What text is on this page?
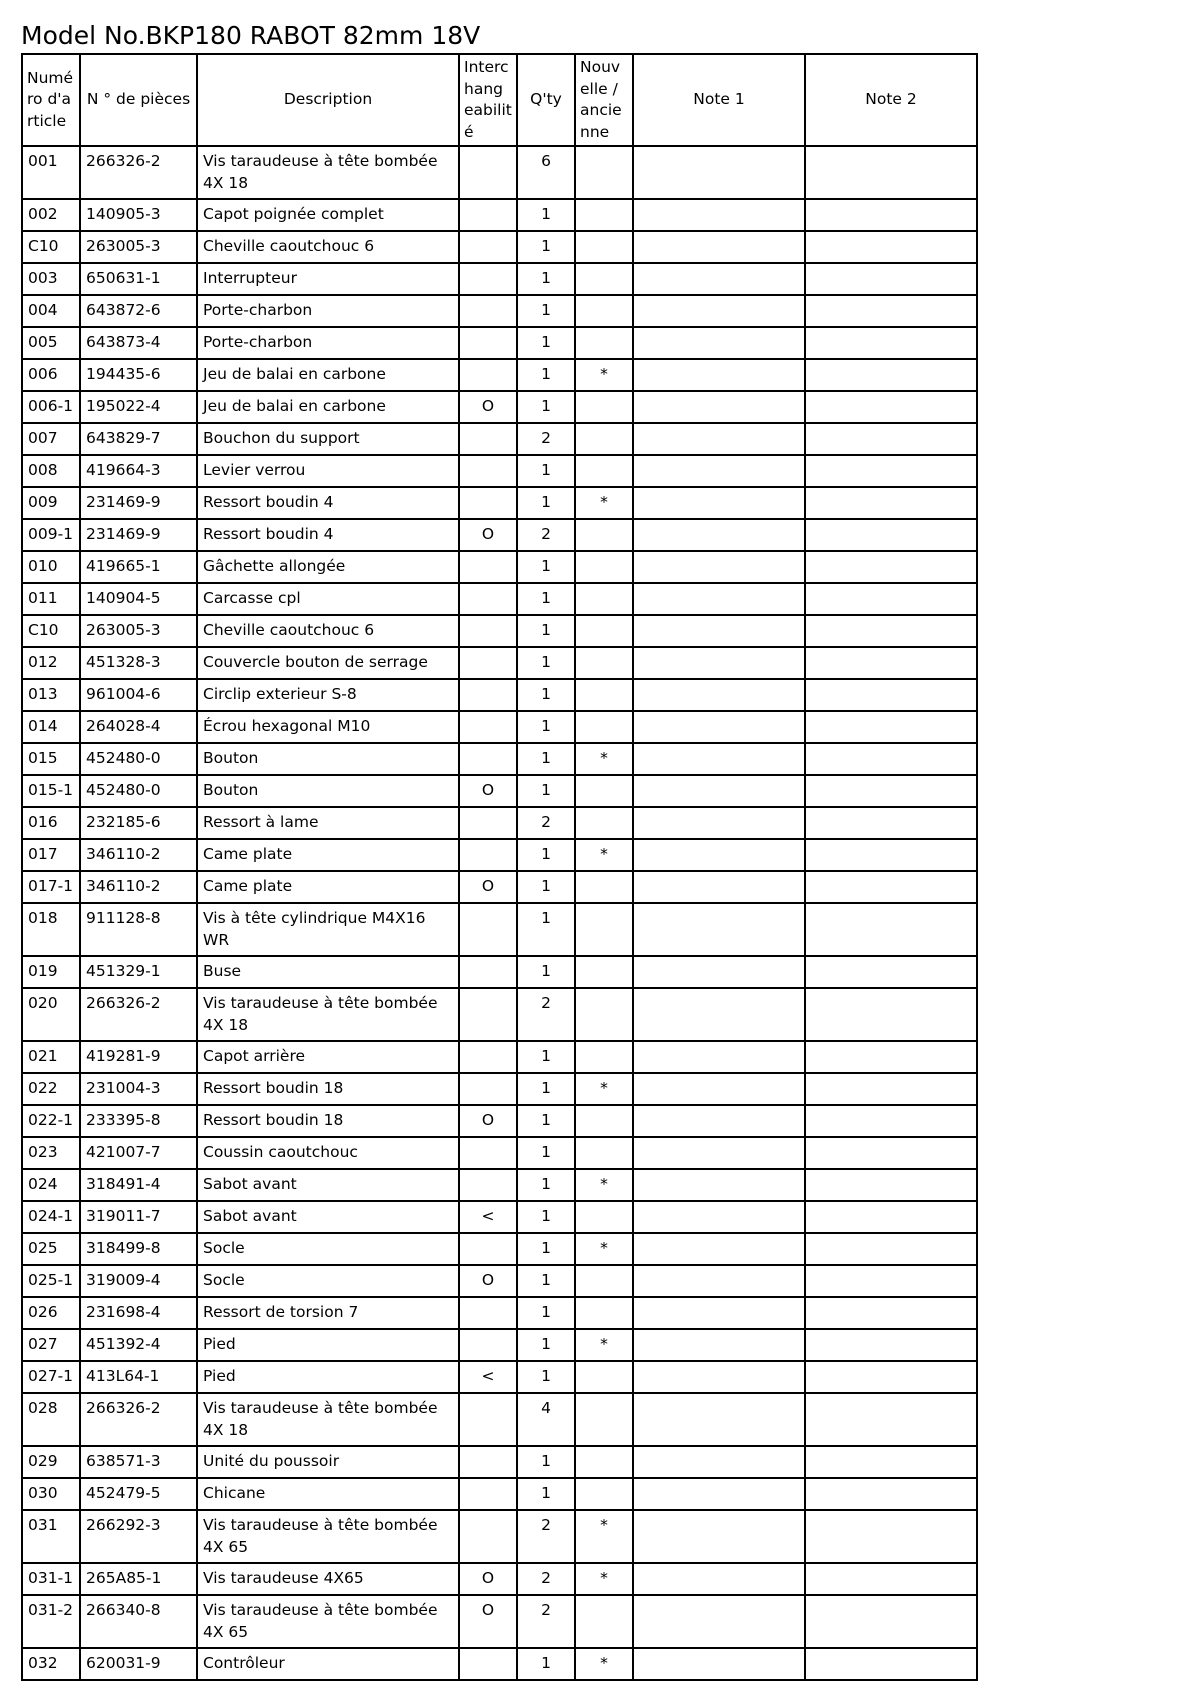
Model No.BKP180 RABOT 82mm 18V
Numé ro d'a rticle	N ° de pièces	Description	Interc hang eabilit é	Q'ty	Nouv elle / ancie nne	Note 1	Note 2

001	266326-2	Vis taraudeuse à tête bombée 4X 18		6			
002	140905-3	Capot poignée complet		1			
C10	263005-3	Cheville caoutchouc 6		1			
003	650631-1	Interrupteur		1			
004	643872-6	Porte-charbon		1			
005	643873-4	Porte-charbon		1			
006	194435-6	Jeu de balai en carbone		1	*		
006-1	195022-4	Jeu de balai en carbone	O	1			
007	643829-7	Bouchon du support		2			
008	419664-3	Levier verrou		1			
009	231469-9	Ressort boudin 4		1	*		
009-1	231469-9	Ressort boudin 4	O	2			
010	419665-1	Gâchette allongée		1			
011	140904-5	Carcasse cpl		1			
C10	263005-3	Cheville caoutchouc 6		1			
012	451328-3	Couvercle bouton de serrage		1			
013	961004-6	Circlip exterieur S-8		1			
014	264028-4	Écrou hexagonal M10		1			
015	452480-0	Bouton		1	*		
015-1	452480-0	Bouton	O	1			
016	232185-6	Ressort à lame		2			
017	346110-2	Came plate		1	*		
017-1	346110-2	Came plate	O	1			
018	911128-8	Vis à tête cylindrique M4X16 WR		1			
019	451329-1	Buse		1			
020	266326-2	Vis taraudeuse à tête bombée 4X 18		2			
021	419281-9	Capot arrière		1			
022	231004-3	Ressort boudin 18		1	*		
022-1	233395-8	Ressort boudin 18	O	1			
023	421007-7	Coussin caoutchouc		1			
024	318491-4	Sabot avant		1	*		
024-1	319011-7	Sabot avant	<	1			
025	318499-8	Socle		1	*		
025-1	319009-4	Socle	O	1			
026	231698-4	Ressort de torsion 7		1			
027	451392-4	Pied		1	*		
027-1	413L64-1	Pied	<	1			
028	266326-2	Vis taraudeuse à tête bombée 4X 18		4			
029	638571-3	Unité du poussoir		1			
030	452479-5	Chicane		1			
031	266292-3	Vis taraudeuse à tête bombée 4X 65		2	*		
031-1	265A85-1	Vis taraudeuse 4X65	O	2	*		
031-2	266340-8	Vis taraudeuse à tête bombée 4X 65	O	2			
032	620031-9	Contrôleur		1	*		
